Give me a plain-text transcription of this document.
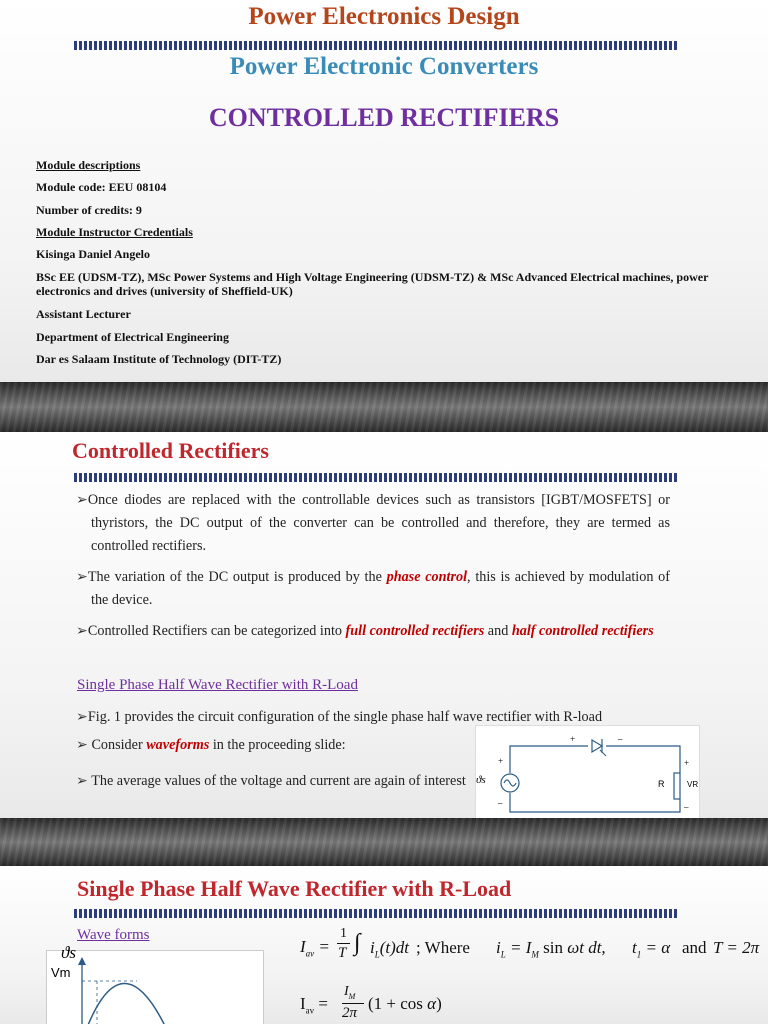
Power Electronics Design

Power Electronic Converters

CONTROLLED RECTIFIERS

Module descriptions

Module code: EEU 08104

Number of credits: 9

Module Instructor Credentials

Kisinga Daniel Angelo

BSc EE (UDSM-TZ), MSc Power Systems and High Voltage Engineering (UDSM-TZ) & MSc Advanced Electrical machines, power electronics and drives (university of Sheffield-UK)

Assistant Lecturer

Department of Electrical Engineering

Dar es Salaam Institute of Technology (DIT-TZ)

Controlled Rectifiers

➢Once diodes are replaced with the controllable devices such as transistors [IGBT/MOSFETS] or thyristors, the DC output of the converter can be controlled and therefore, they are termed as controlled rectifiers.

➢The variation of the DC output is produced by the phase control, this is achieved by modulation of the device.

➢Controlled Rectifiers can be categorized into full controlled rectifiers and half controlled rectifiers

Single Phase Half Wave Rectifier with R-Load

➢Fig. 1 provides the circuit configuration of the single phase half wave rectifier with R-load

➢ Consider waveforms in the proceeding slide:

➢ The average values of the voltage and current are again of interest

+	–
+
–
ϑs	R
+
VR
–

Single Phase Half Wave Rectifier with R-Load

Wave forms

ϑs
Vm
$I_{av}$ =
1
T ∫ $i_L(t)dt$ ; Where $i_L = I_M$ sin ωt dt, $t_1 = \alpha$ and T = 2π
$I_{av}$ =
$I_M$
2π (1 + cos α)
